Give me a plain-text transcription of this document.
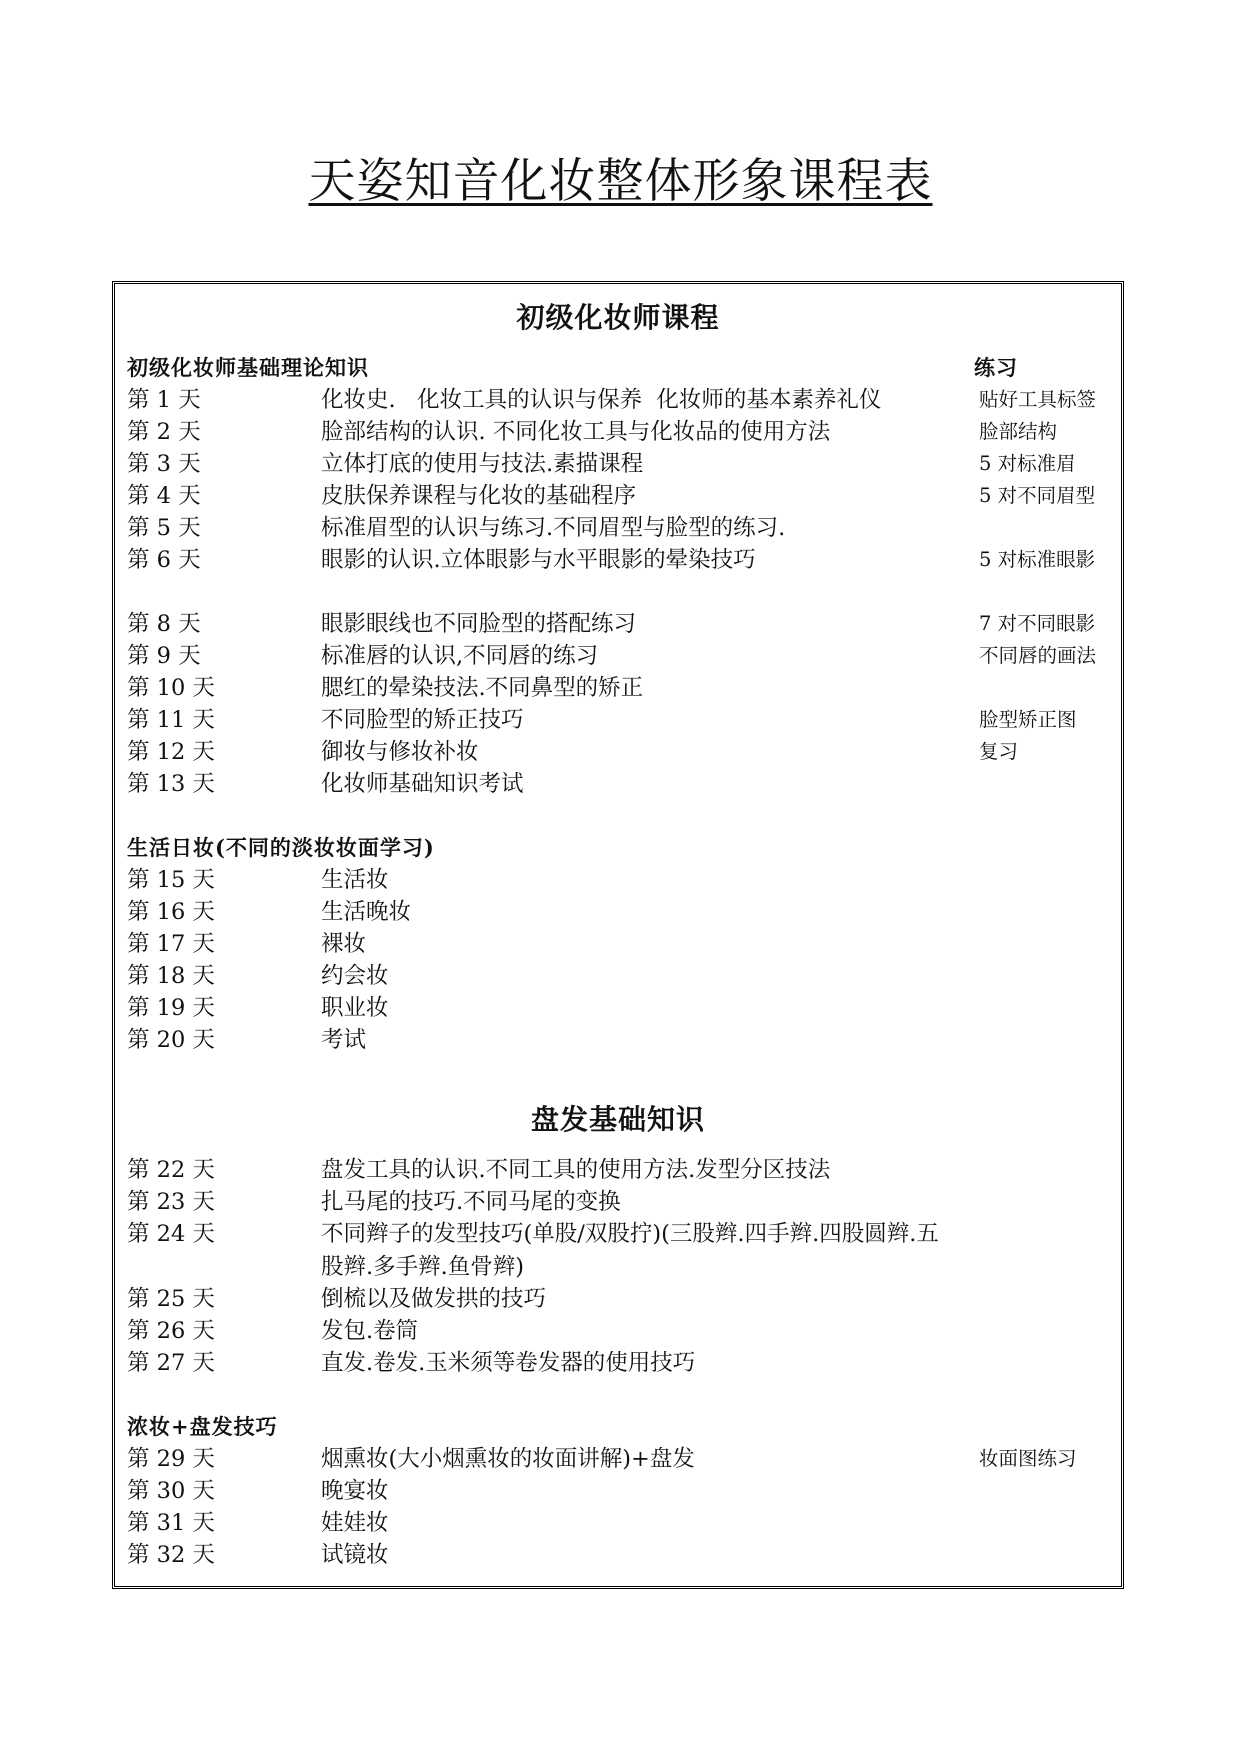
天姿知音化妆整体形象课程表
初级化妆师课程
初级化妆师基础理论知识	练习
第 1 天	化妆史.   化妆工具的认识与保养  化妆师的基本素养礼仪	贴好工具标签
第 2 天	脸部结构的认识. 不同化妆工具与化妆品的使用方法	脸部结构
第 3 天	立体打底的使用与技法.素描课程	5 对标准眉
第 4 天	皮肤保养课程与化妆的基础程序	5 对不同眉型
第 5 天	标准眉型的认识与练习.不同眉型与脸型的练习.
第 6 天	眼影的认识.立体眼影与水平眼影的晕染技巧	5 对标准眼影
第 8 天	眼影眼线也不同脸型的搭配练习	7 对不同眼影
第 9 天	标准唇的认识,不同唇的练习	不同唇的画法
第 10 天	腮红的晕染技法.不同鼻型的矫正
第 11 天	不同脸型的矫正技巧	脸型矫正图
第 12 天	御妆与修妆补妆	复习
第 13 天	化妆师基础知识考试
生活日妆(不同的淡妆妆面学习)
第 15 天	生活妆
第 16 天	生活晚妆
第 17 天	裸妆
第 18 天	约会妆
第 19 天	职业妆
第 20 天	考试
盘发基础知识
第 22 天	盘发工具的认识.不同工具的使用方法.发型分区技法
第 23 天	扎马尾的技巧.不同马尾的变换
第 24 天	不同辫子的发型技巧(单股/双股拧)(三股辫.四手辫.四股圆辫.五股辫.多手辫.鱼骨辫)
第 25 天	倒梳以及做发拱的技巧
第 26 天	发包.卷筒
第 27 天	直发.卷发.玉米须等卷发器的使用技巧
浓妆+盘发技巧
第 29 天	烟熏妆(大小烟熏妆的妆面讲解)+盘发	妆面图练习
第 30 天	晚宴妆
第 31 天	娃娃妆
第 32 天	试镜妆
